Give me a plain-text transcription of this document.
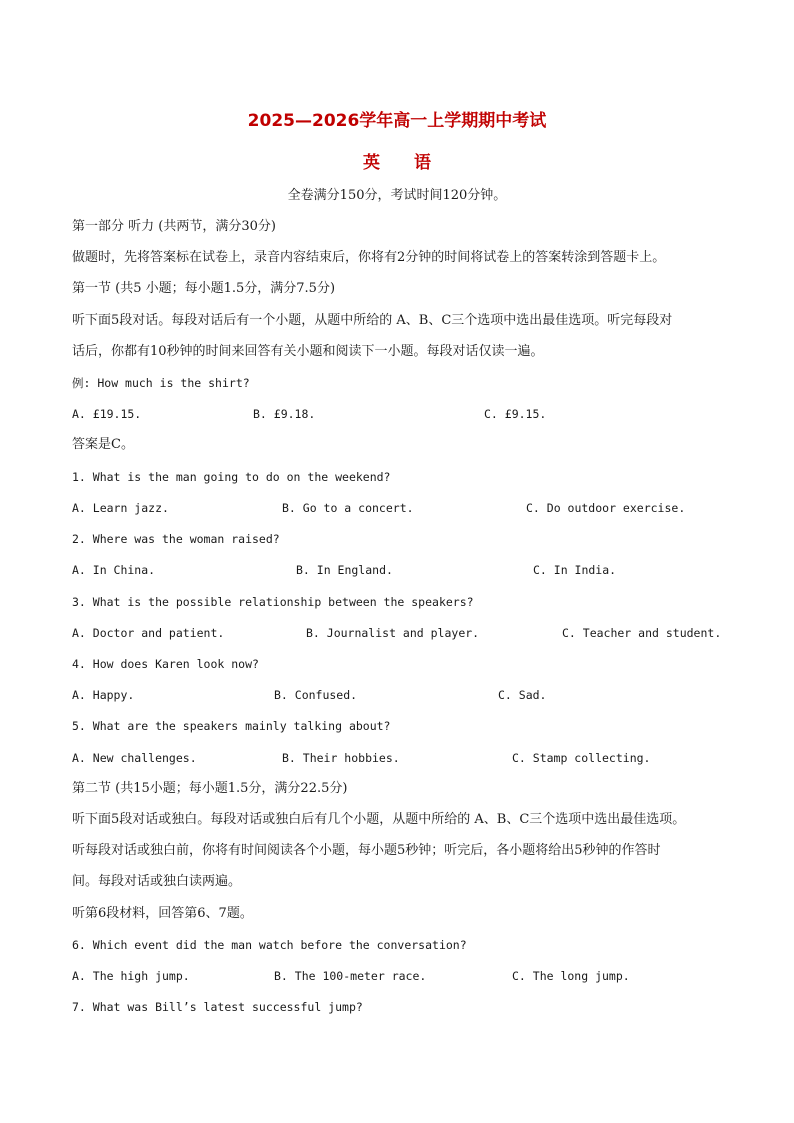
2025—2026学年高一上学期期中考试
英 语
全卷满分150分，考试时间120分钟。
第一部分 听力 (共两节，满分30分)
做题时，先将答案标在试卷上，录音内容结束后，你将有2分钟的时间将试卷上的答案转涂到答题卡上。
第一节 (共5 小题；每小题1.5分，满分7.5分)
听下面5段对话。每段对话后有一个小题，从题中所给的 A、B、C三个选项中选出最佳选项。听完每段对
话后，你都有10秒钟的时间来回答有关小题和阅读下一小题。每段对话仅读一遍。
例: How much is the shirt?
A. £19.15.	B. £9.18.	C. £9.15.
答案是C。
1. What is the man going to do on the weekend?
A. Learn jazz.	B. Go to a concert.	C. Do outdoor exercise.
2. Where was the woman raised?
A. In China.	B. In England.	C. In India.
3. What is the possible relationship between the speakers?
A. Doctor and patient.	B. Journalist and player.	C. Teacher and student.
4. How does Karen look now?
A. Happy.	B. Confused.	C. Sad.
5. What are the speakers mainly talking about?
A. New challenges.	B. Their hobbies.	C. Stamp collecting.
第二节 (共15小题；每小题1.5分，满分22.5分)
听下面5段对话或独白。每段对话或独白后有几个小题，从题中所给的 A、B、C三个选项中选出最佳选项。
听每段对话或独白前，你将有时间阅读各个小题，每小题5秒钟；听完后，各小题将给出5秒钟的作答时
间。每段对话或独白读两遍。
听第6段材料，回答第6、7题。
6. Which event did the man watch before the conversation?
A. The high jump.	B. The 100-meter race.	C. The long jump.
7. What was Bill’s latest successful jump?
